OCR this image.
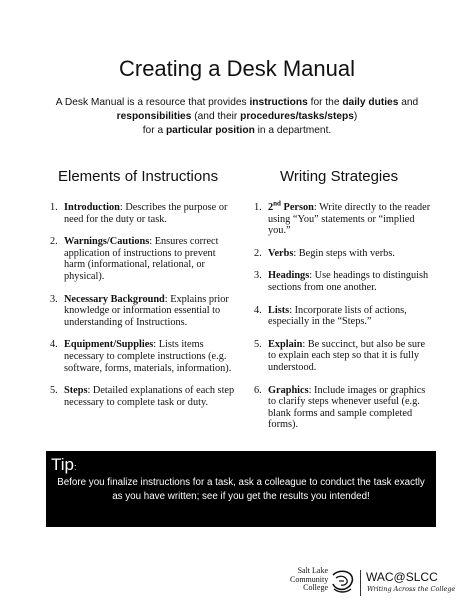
Creating a Desk Manual
A Desk Manual is a resource that provides instructions for the daily duties and
responsibilities (and their procedures/tasks/steps)
for a particular position in a department.
Elements of Instructions	Writing Strategies
1. Introduction: Describes the purpose or need for the duty or task.
2. Warnings/Cautions: Ensures correct application of instructions to prevent harm (informational, relational, or physical).
3. Necessary Background: Explains prior knowledge or information essential to understanding of Instructions.
4. Equipment/Supplies: Lists items necessary to complete instructions (e.g. software, forms, materials, information).
5. Steps: Detailed explanations of each step necessary to complete task or duty.
1. 2nd Person: Write directly to the reader using “You” statements or “implied you.”
2. Verbs: Begin steps with verbs.
3. Headings: Use headings to distinguish sections from one another.
4. Lists: Incorporate lists of actions, especially in the “Steps.”
5. Explain: Be succinct, but also be sure to explain each step so that it is fully understood.
6. Graphics: Include images or graphics to clarify steps whenever useful (e.g. blank forms and sample completed forms).
Tip:
Before you finalize instructions for a task, ask a colleague to conduct the task exactly as you have written; see if you get the results you intended!
Salt Lake
Community
College
WAC@SLCC
Writing Across the College
